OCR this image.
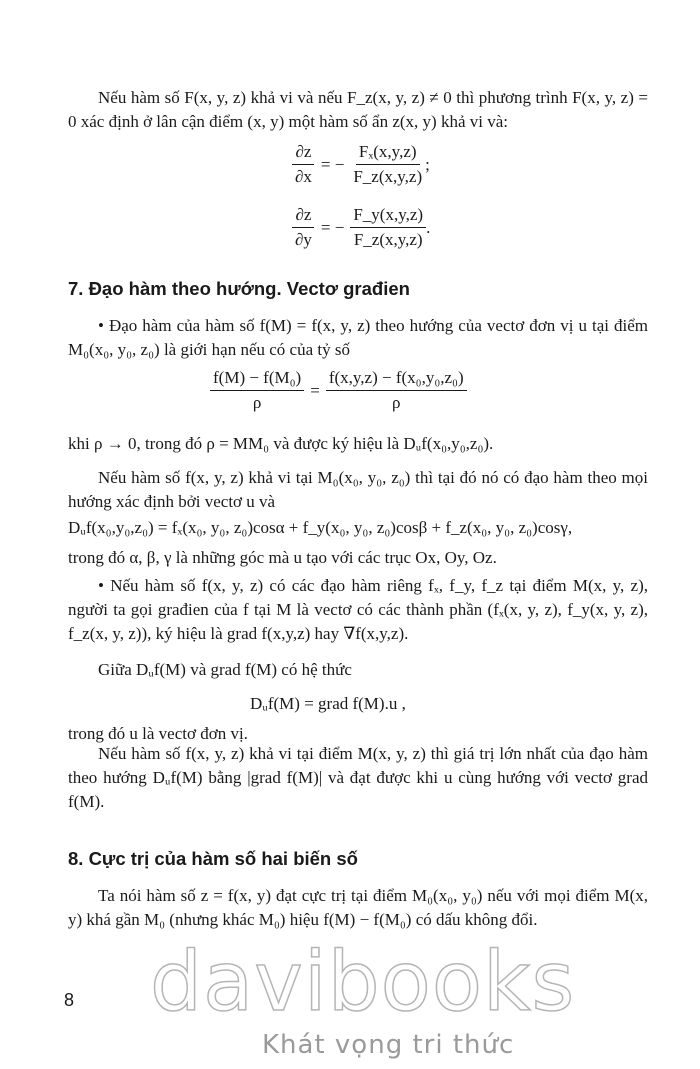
Nếu hàm số F(x, y, z) khả vi và nếu F_z(x, y, z) ≠ 0 thì phương trình F(x, y, z) = 0 xác định ở lân cận điểm (x, y) một hàm số ẩn z(x, y) khả vi và:

$\frac{\partial z}{\partial x}$ = − $\frac{\text{Fₓ(x,y,z)}}{F\_z(x,y,z)}$ ;
$\frac{\partial z}{\partial y}$ = − $\frac{F\_y(x,y,z)}{F\_z(x,y,z)}$ .
7. Đạo hàm theo hướng. Vectơ građien

• Đạo hàm của hàm số f(M) = f(x, y, z) theo hướng của vectơ đơn vị u tại điểm M₀(x₀, y₀, z₀) là giới hạn nếu có của tỷ số

$\frac{\text{f(M) − f(M₀)}}{\rho} = \frac{\text{f(x,y,z) − f(x₀,y₀,z₀)}}{\rho}$

khi ρ → 0, trong đó ρ = MM₀ và được ký hiệu là Dᵤf(x₀,y₀,z₀).

Nếu hàm số f(x, y, z) khả vi tại M₀(x₀, y₀, z₀) thì tại đó nó có đạo hàm theo mọi hướng xác định bởi vectơ u và

Dᵤf(x₀,y₀,z₀) = fₓ(x₀, y₀, z₀)cosα + f_y(x₀, y₀, z₀)cosβ + f_z(x₀, y₀, z₀)cosγ,

trong đó α, β, γ là những góc mà u tạo với các trục Ox, Oy, Oz.

• Nếu hàm số f(x, y, z) có các đạo hàm riêng fₓ, f_y, f_z tại điểm M(x, y, z), người ta gọi građien của f tại M là vectơ có các thành phần (fₓ(x, y, z), f_y(x, y, z), f_z(x, y, z)), ký hiệu là grad f(x,y,z) hay ∇f(x,y,z).

Giữa Dᵤf(M) và grad f(M) có hệ thức

Dᵤf(M) = grad f(M).u ,

trong đó u là vectơ đơn vị.

Nếu hàm số f(x, y, z) khả vi tại điểm M(x, y, z) thì giá trị lớn nhất của đạo hàm theo hướng Dᵤf(M) bằng |grad f(M)| và đạt được khi u cùng hướng với vectơ grad f(M).

8. Cực trị của hàm số hai biến số

Ta nói hàm số z = f(x, y) đạt cực trị tại điểm M₀(x₀, y₀) nếu với mọi điểm M(x, y) khá gần M₀ (nhưng khác M₀) hiệu f(M) − f(M₀) có dấu không đổi.

8 davibooks
Khát vọng tri thức
